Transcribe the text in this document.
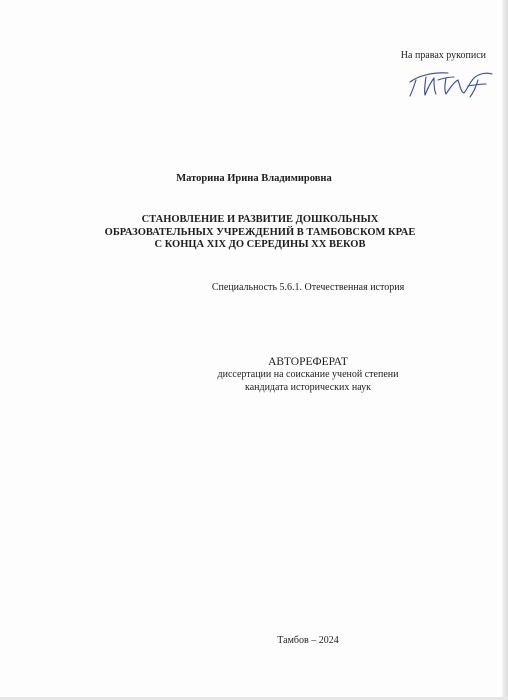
На правах рукописи
Маторина Ирина Владимировна
СТАНОВЛЕНИЕ И РАЗВИТИЕ ДОШКОЛЬНЫХ
ОБРАЗОВАТЕЛЬНЫХ УЧРЕЖДЕНИЙ В ТАМБОВСКОМ КРАЕ
С КОНЦА XIX ДО СЕРЕДИНЫ XX ВЕКОВ
Специальность 5.6.1. Отечественная история
АВТОРЕФЕРАТ
диссертации на соискание ученой степени
кандидата исторических наук
Тамбов – 2024
